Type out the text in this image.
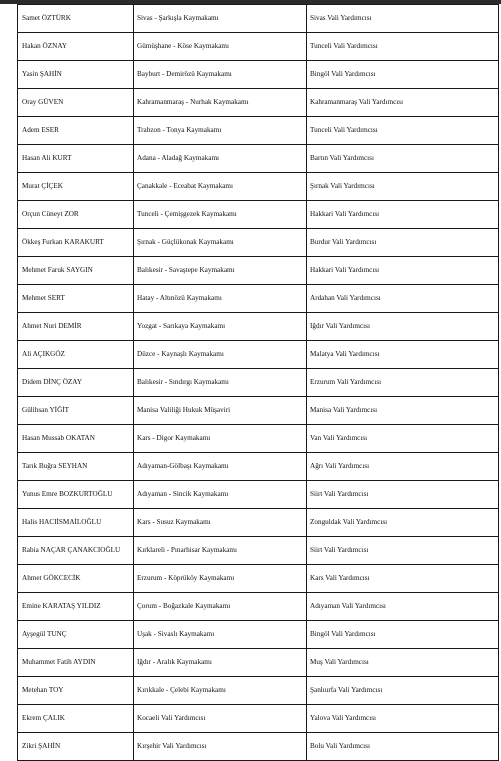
Samet ÖZTÜRK	Sivas - Şarkışla Kaymakamı	Sivas Vali Yardımcısı
Hakan ÖZNAY	Gümüşhane - Köse Kaymakamı	Tunceli Vali Yardımcısı
Yasin ŞAHİN	Bayburt - Demirözü Kaymakamı	Bingöl Vali Yardımcısı
Oray GÜVEN	Kahramanmaraş - Nurhak Kaymakamı	Kahramanmaraş Vali Yardımcısı
Adem ESER	Trabzon - Tonya Kaymakamı	Tunceli Vali Yardımcısı
Hasan Ali KURT	Adana - Aladağ Kaymakamı	Bartın Vali Yardımcısı
Murat ÇİÇEK	Çanakkale - Eceabat Kaymakamı	Şırnak Vali Yardımcısı
Orçun Cüneyt ZOR	Tunceli - Çemişgezek Kaymakamı	Hakkari Vali Yardımcısı
Ökkeş Furkan KARAKURT	Şırnak - Güçlükonak Kaymakamı	Burdur Vali Yardımcısı
Mehmet Faruk SAYGIN	Balıkesir - Savaştepe Kaymakamı	Hakkari Vali Yardımcısı
Mehmet SERT	Hatay - Altınözü Kaymakamı	Ardahan Vali Yardımcısı
Ahmet Nuri DEMİR	Yozgat - Sarıkaya Kaymakamı	Iğdır Vali Yardımcısı
Ali AÇIKGÖZ	Düzce - Kaynaşlı Kaymakamı	Malatya Vali Yardımcısı
Didem DİNÇ ÖZAY	Balıkesir - Sındırgı Kaymakamı	Erzurum Vali Yardımcısı
Gülihsan YİĞİT	Manisa Valiliği Hukuk Müşaviri	Manisa Vali Yardımcısı
Hasan Mussab OKATAN	Kars - Digor Kaymakamı	Van Vali Yardımcısı
Tarık Buğra SEYHAN	Adıyaman-Gölbaşı Kaymakamı	Ağrı Vali Yardımcısı
Yunus Emre BOZKURTOĞLU	Adıyaman - Sincik Kaymakamı	Siirt Vali Yardımcısı
Halis HACIİSMAİLOĞLU	Kars - Susuz Kaymakamı	Zonguldak Vali Yardımcısı
Rabia NAÇAR ÇANAKCIOĞLU	Kırklareli - Pınarhisar Kaymakamı	Siirt Vali Yardımcısı
Ahmet GÖKCECİK	Erzurum - Köprüköy Kaymakamı	Kars Vali Yardımcısı
Emine KARATAŞ YILDIZ	Çorum - Boğazkale Kaymakamı	Adıyaman Vali Yardımcısı
Ayşegül TUNÇ	Uşak - Sivaslı Kaymakamı	Bingöl Vali Yardımcısı
Muhammet Fatih AYDIN	Iğdır - Aralık Kaymakamı	Muş Vali Yardımcısı
Metehan TOY	Kırıkkale - Çelebi Kaymakamı	Şanlıurfa Vali Yardımcısı
Ekrem ÇALIK	Kocaeli Vali Yardımcısı	Yalova Vali Yardımcısı
Zikri ŞAHİN	Kırşehir Vali Yardımcısı	Bolu Vali Yardımcısı
